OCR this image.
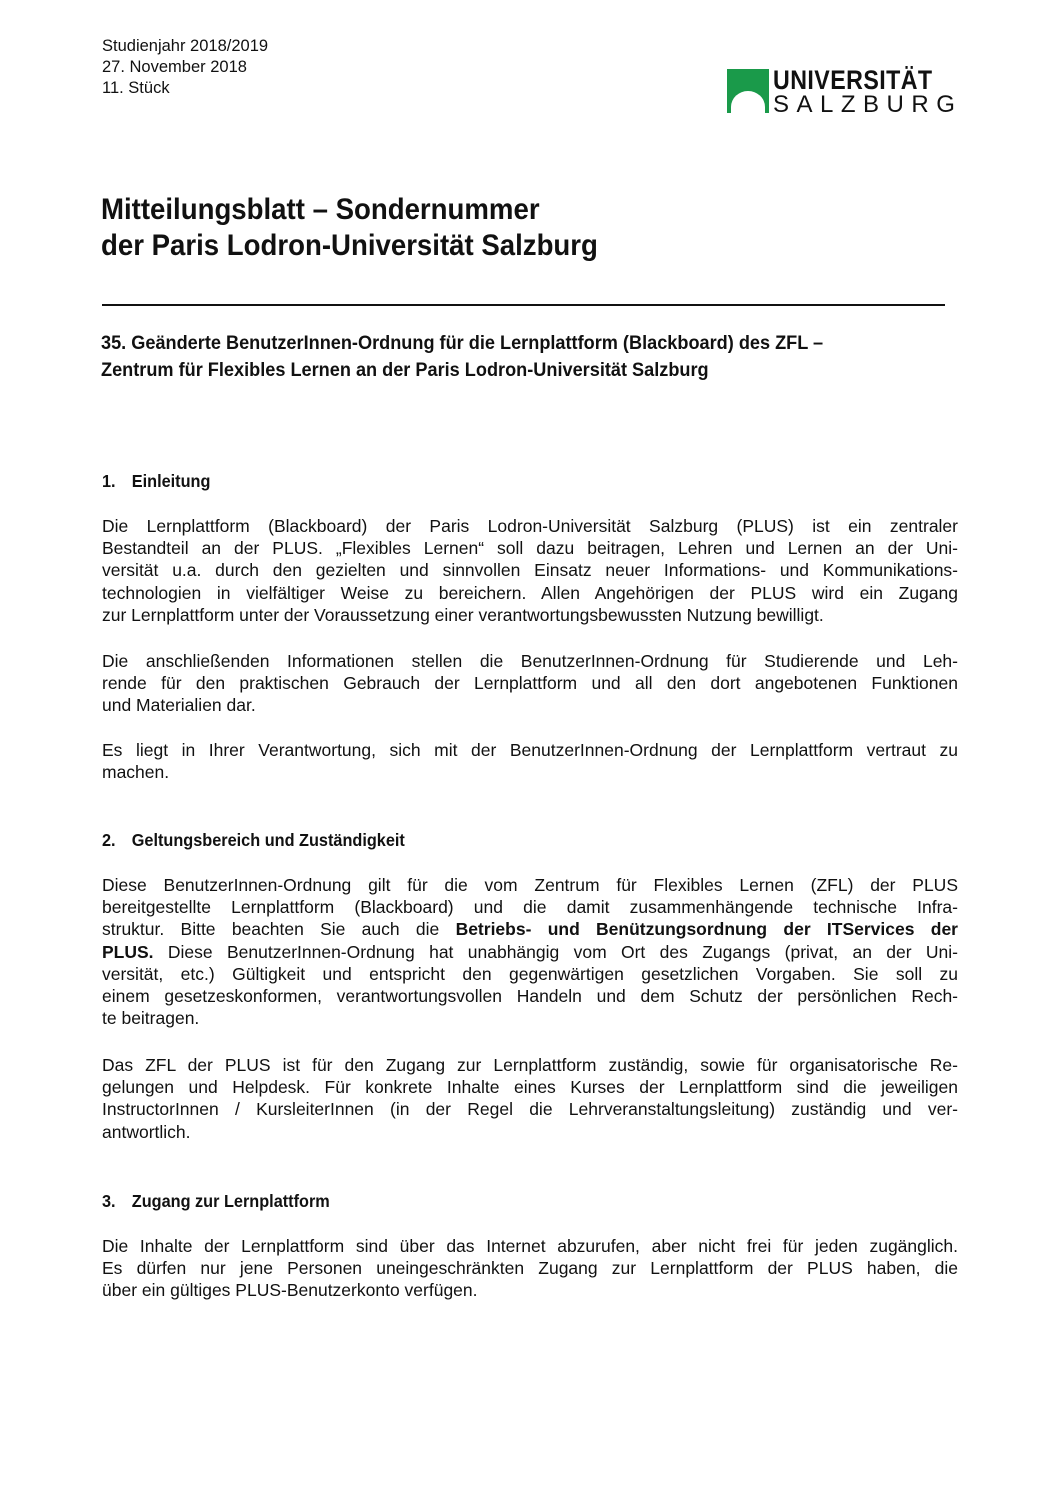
Studienjahr 2018/2019
27. November 2018
11. Stück	UNIVERSITÄT
SALZBURG
Mitteilungsblatt – Sondernummer
der Paris Lodron-Universität Salzburg
35. Geänderte BenutzerInnen-Ordnung für die Lernplattform (Blackboard) des ZFL –
Zentrum für Flexibles Lernen an der Paris Lodron-Universität Salzburg
1. Einleitung
Die Lernplattform (Blackboard) der Paris Lodron-Universität Salzburg (PLUS) ist ein zentraler
Bestandteil an der PLUS. „Flexibles Lernen“ soll dazu beitragen, Lehren und Lernen an der Uni-
versität u.a. durch den gezielten und sinnvollen Einsatz neuer Informations- und Kommunikations-
technologien in vielfältiger Weise zu bereichern. Allen Angehörigen der PLUS wird ein Zugang
zur Lernplattform unter der Voraussetzung einer verantwortungsbewussten Nutzung bewilligt.
Die anschließenden Informationen stellen die BenutzerInnen-Ordnung für Studierende und Leh-
rende für den praktischen Gebrauch der Lernplattform und all den dort angebotenen Funktionen
und Materialien dar.
Es liegt in Ihrer Verantwortung, sich mit der BenutzerInnen-Ordnung der Lernplattform vertraut zu
machen.
2. Geltungsbereich und Zuständigkeit
Diese BenutzerInnen-Ordnung gilt für die vom Zentrum für Flexibles Lernen (ZFL) der PLUS
bereitgestellte Lernplattform (Blackboard) und die damit zusammenhängende technische Infra-
struktur. Bitte beachten Sie auch die Betriebs- und Benützungsordnung der ITServices der
PLUS. Diese BenutzerInnen-Ordnung hat unabhängig vom Ort des Zugangs (privat, an der Uni-
versität, etc.) Gültigkeit und entspricht den gegenwärtigen gesetzlichen Vorgaben. Sie soll zu
einem gesetzeskonformen, verantwortungsvollen Handeln und dem Schutz der persönlichen Rech-
te beitragen.
Das ZFL der PLUS ist für den Zugang zur Lernplattform zuständig, sowie für organisatorische Re-
gelungen und Helpdesk. Für konkrete Inhalte eines Kurses der Lernplattform sind die jeweiligen
InstructorInnen / KursleiterInnen (in der Regel die Lehrveranstaltungsleitung) zuständig und ver-
antwortlich.
3. Zugang zur Lernplattform
Die Inhalte der Lernplattform sind über das Internet abzurufen, aber nicht frei für jeden zugänglich.
Es dürfen nur jene Personen uneingeschränkten Zugang zur Lernplattform der PLUS haben, die
über ein gültiges PLUS-Benutzerkonto verfügen.
